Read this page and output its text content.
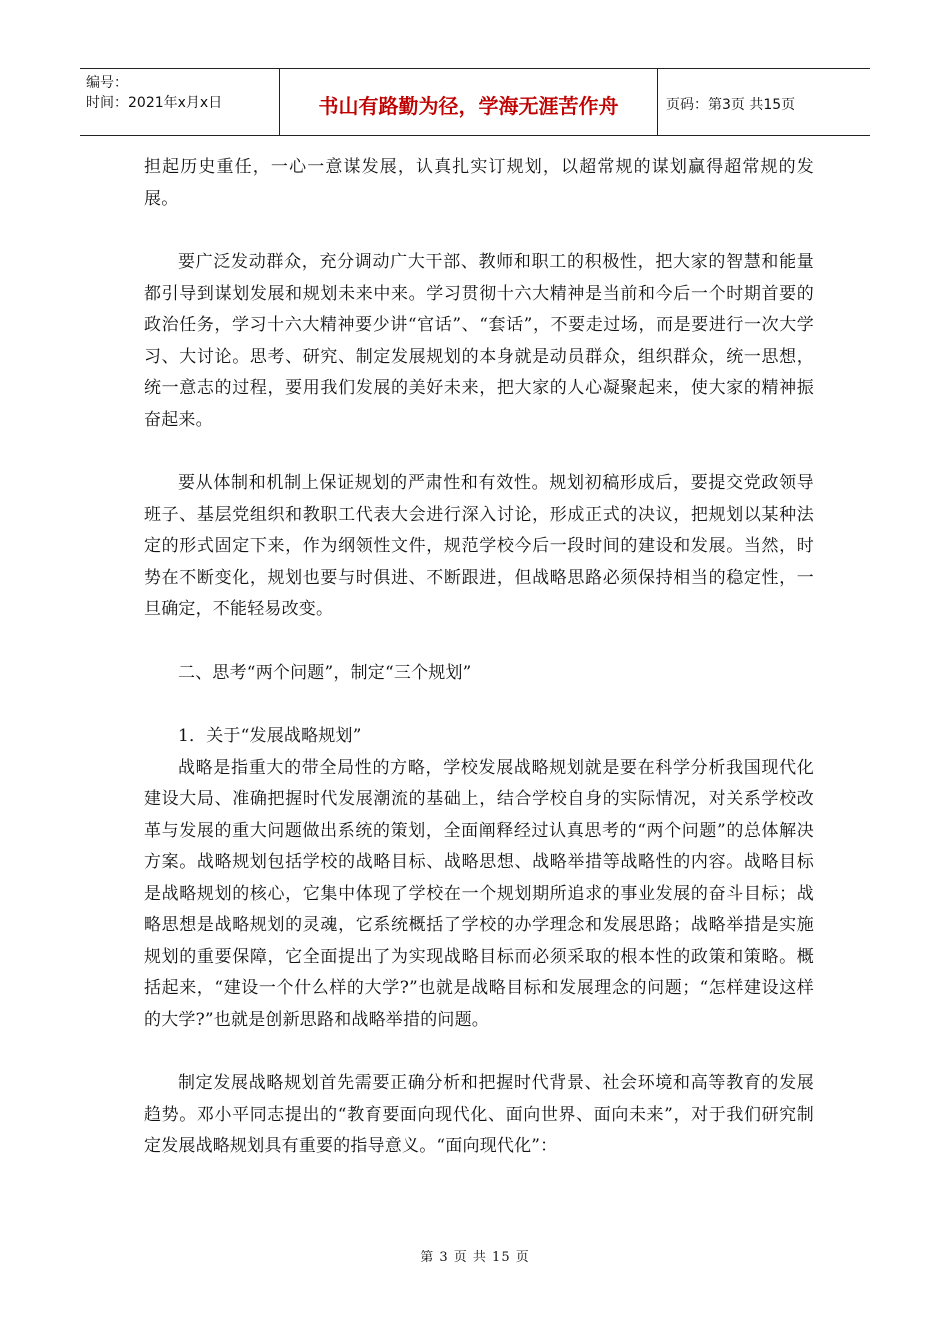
编号：
时间：2021年x月x日	书山有路勤为径，学海无涯苦作舟	页码：第3页 共15页

担起历史重任，一心一意谋发展，认真扎实订规划，以超常规的谋划赢得超常规的发展。

要广泛发动群众，充分调动广大干部、教师和职工的积极性，把大家的智慧和能量都引导到谋划发展和规划未来中来。学习贯彻十六大精神是当前和今后一个时期首要的政治任务，学习十六大精神要少讲“官话”、“套话”，不要走过场，而是要进行一次大学习、大讨论。思考、研究、制定发展规划的本身就是动员群众，组织群众，统一思想，统一意志的过程，要用我们发展的美好未来，把大家的人心凝聚起来，使大家的精神振奋起来。

要从体制和机制上保证规划的严肃性和有效性。规划初稿形成后，要提交党政领导班子、基层党组织和教职工代表大会进行深入讨论，形成正式的决议，把规划以某种法定的形式固定下来，作为纲领性文件，规范学校今后一段时间的建设和发展。当然，时势在不断变化，规划也要与时俱进、不断跟进，但战略思路必须保持相当的稳定性，一旦确定，不能轻易改变。

二、思考“两个问题”，制定“三个规划”

1．关于“发展战略规划”

战略是指重大的带全局性的方略，学校发展战略规划就是要在科学分析我国现代化建设大局、准确把握时代发展潮流的基础上，结合学校自身的实际情况，对关系学校改革与发展的重大问题做出系统的策划，全面阐释经过认真思考的“两个问题”的总体解决方案。战略规划包括学校的战略目标、战略思想、战略举措等战略性的内容。战略目标是战略规划的核心，它集中体现了学校在一个规划期所追求的事业发展的奋斗目标；战略思想是战略规划的灵魂，它系统概括了学校的办学理念和发展思路；战略举措是实施规划的重要保障，它全面提出了为实现战略目标而必须采取的根本性的政策和策略。概括起来，“建设一个什么样的大学?”也就是战略目标和发展理念的问题；“怎样建设这样的大学?”也就是创新思路和战略举措的问题。

制定发展战略规划首先需要正确分析和把握时代背景、社会环境和高等教育的发展趋势。邓小平同志提出的“教育要面向现代化、面向世界、面向未来”，对于我们研究制定发展战略规划具有重要的指导意义。“面向现代化”：

第 3 页 共 15 页
